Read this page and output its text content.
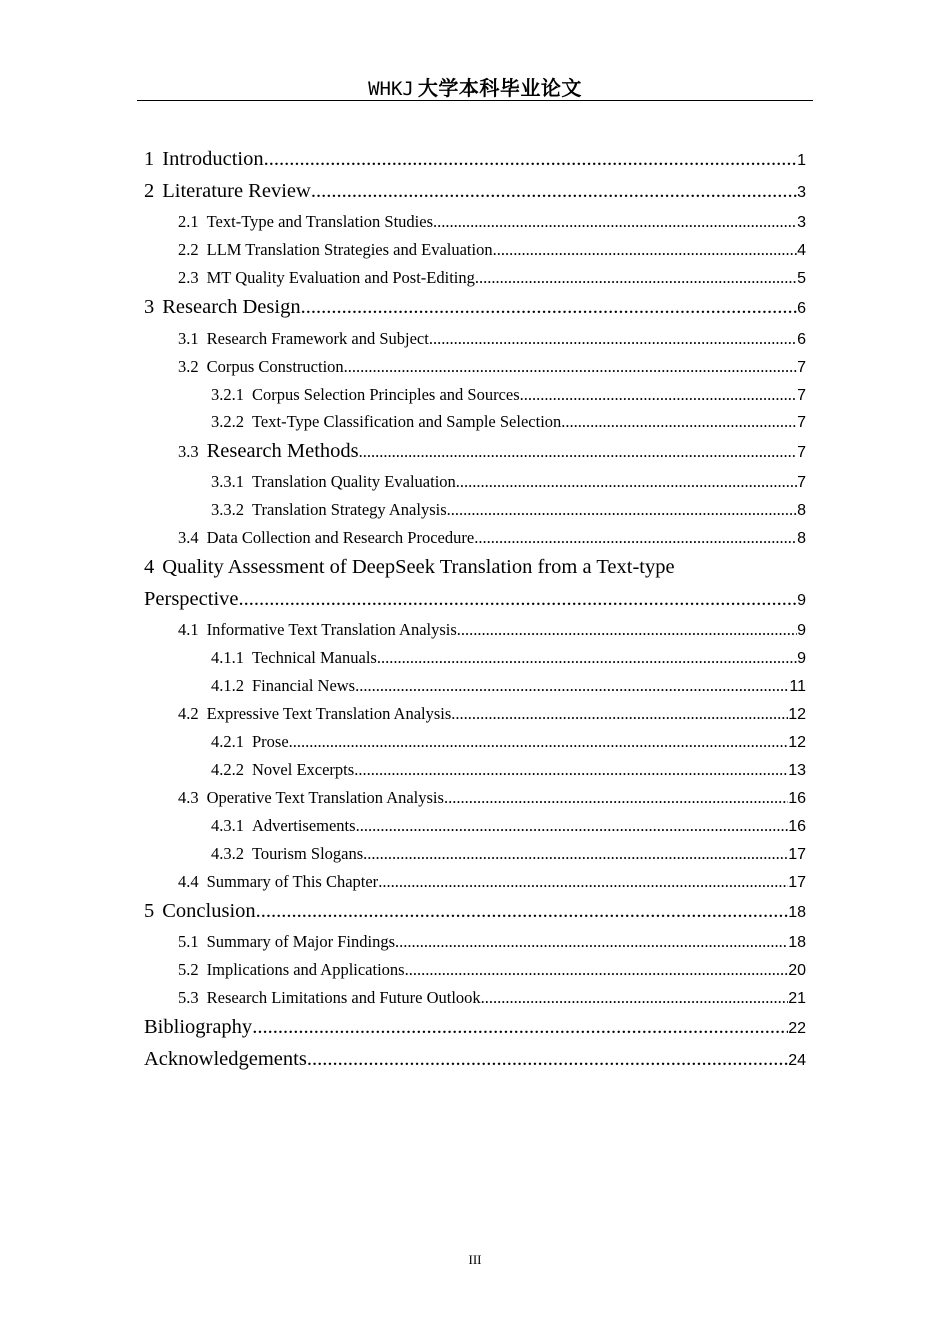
WHKJ 大学本科毕业论文
1 Introduction .....	1
2 Literature Review .....	3
2.1 Text-Type and Translation Studies .....	3
2.2 LLM Translation Strategies and Evaluation .....	4
2.3 MT Quality Evaluation and Post-Editing .....	5
3 Research Design .....	6
3.1 Research Framework and Subject .....	6
3.2 Corpus Construction .....	7
3.2.1 Corpus Selection Principles and Sources .....	7
3.2.2 Text-Type Classification and Sample Selection .....	7
3.3 Research Methods .....	7
3.3.1 Translation Quality Evaluation .....	7
3.3.2 Translation Strategy Analysis .....	8
3.4 Data Collection and Research Procedure .....	8
4 Quality Assessment of DeepSeek Translation from a Text-type
Perspective .....	9
4.1 Informative Text Translation Analysis .....	9
4.1.1 Technical Manuals .....	9
4.1.2 Financial News .....	11
4.2 Expressive Text Translation Analysis .....	12
4.2.1 Prose .....	12
4.2.2 Novel Excerpts .....	13
4.3 Operative Text Translation Analysis .....	16
4.3.1 Advertisements .....	16
4.3.2 Tourism Slogans .....	17
4.4 Summary of This Chapter .....	17
5 Conclusion .....	18
5.1 Summary of Major Findings .....	18
5.2 Implications and Applications .....	20
5.3 Research Limitations and Future Outlook .....	21
Bibliography .....	22
Acknowledgements .....	24
III
